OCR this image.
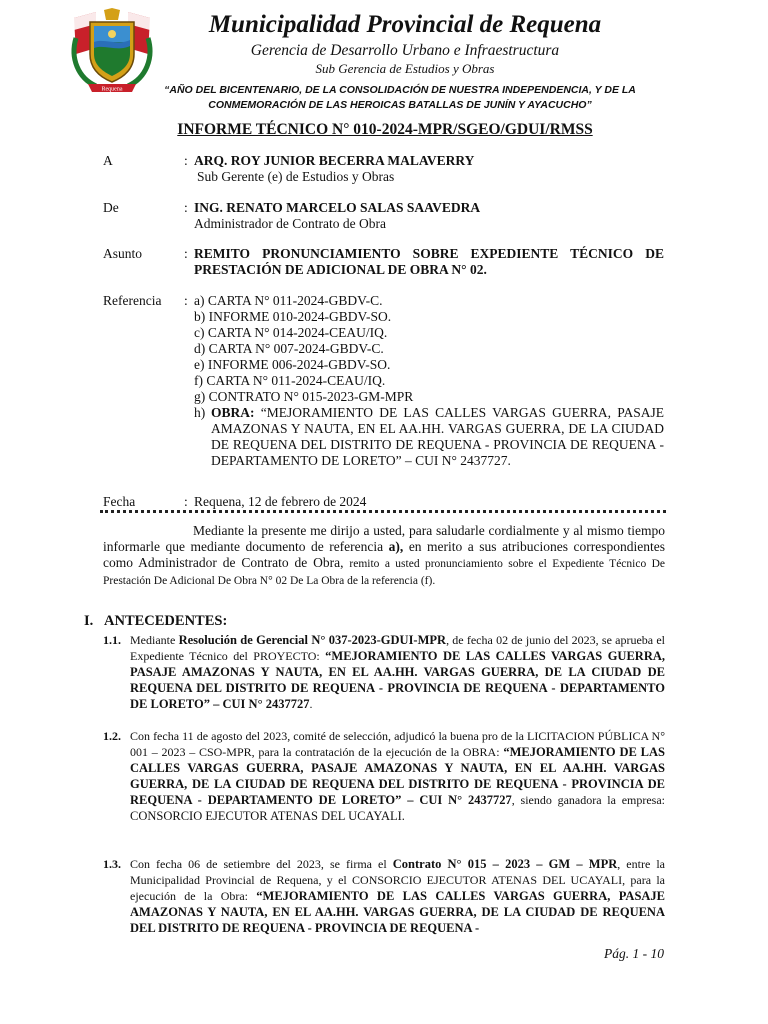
Requena
Municipalidad Provincial de Requena
Gerencia de Desarrollo Urbano e Infraestructura
Sub Gerencia de Estudios y Obras
“AÑO DEL BICENTENARIO, DE LA CONSOLIDACIÓN DE NUESTRA INDEPENDENCIA, Y DE LA
CONMEMORACIÓN DE LAS HEROICAS BATALLAS DE JUNÍN Y AYACUCHO”
INFORME TÉCNICO N° 010-2024-MPR/SGEO/GDUI/RMSS
A	: ARQ. ROY JUNIOR BECERRA MALAVERRY
Sub Gerente (e) de Estudios y Obras
De	: ING. RENATO MARCELO SALAS SAAVEDRA
Administrador de Contrato de Obra
Asunto	: REMITO PRONUNCIAMIENTO SOBRE EXPEDIENTE TÉCNICO DE PRESTACIÓN DE ADICIONAL DE OBRA N° 02.
Referencia : a) CARTA N° 011-2024-GBDV-C.
b) INFORME 010-2024-GBDV-SO.
c) CARTA N° 014-2024-CEAU/IQ.
d) CARTA N° 007-2024-GBDV-C.
e) INFORME 006-2024-GBDV-SO.
f) CARTA N° 011-2024-CEAU/IQ.
g) CONTRATO N° 015-2023-GM-MPR
h) OBRA: “MEJORAMIENTO DE LAS CALLES VARGAS GUERRA, PASAJE AMAZONAS Y NAUTA, EN EL AA.HH. VARGAS GUERRA, DE LA CIUDAD DE REQUENA DEL DISTRITO DE REQUENA - PROVINCIA DE REQUENA - DEPARTAMENTO DE LORETO” – CUI N° 2437727.
Fecha	: Requena, 12 de febrero de 2024
Mediante la presente me dirijo a usted, para saludarle cordialmente y al mismo tiempo informarle que mediante documento de referencia a), en merito a sus atribuciones correspondientes como Administrador de Contrato de Obra, remito a usted pronunciamiento sobre el Expediente Técnico De Prestación De Adicional De Obra N° 02 De La Obra de la referencia (f).
I. ANTECEDENTES:
1.1. Mediante Resolución de Gerencial N° 037-2023-GDUI-MPR, de fecha 02 de junio del 2023, se aprueba el Expediente Técnico del PROYECTO: “MEJORAMIENTO DE LAS CALLES VARGAS GUERRA, PASAJE AMAZONAS Y NAUTA, EN EL AA.HH. VARGAS GUERRA, DE LA CIUDAD DE REQUENA DEL DISTRITO DE REQUENA - PROVINCIA DE REQUENA - DEPARTAMENTO DE LORETO” – CUI N° 2437727.
1.2. Con fecha 11 de agosto del 2023, comité de selección, adjudicó la buena pro de la LICITACION PÚBLICA N° 001 – 2023 – CSO-MPR, para la contratación de la ejecución de la OBRA: “MEJORAMIENTO DE LAS CALLES VARGAS GUERRA, PASAJE AMAZONAS Y NAUTA, EN EL AA.HH. VARGAS GUERRA, DE LA CIUDAD DE REQUENA DEL DISTRITO DE REQUENA - PROVINCIA DE REQUENA - DEPARTAMENTO DE LORETO” – CUI N° 2437727, siendo ganadora la empresa: CONSORCIO EJECUTOR ATENAS DEL UCAYALI.
1.3. Con fecha 06 de setiembre del 2023, se firma el Contrato N° 015 – 2023 – GM – MPR, entre la Municipalidad Provincial de Requena, y el CONSORCIO EJECUTOR ATENAS DEL UCAYALI, para la ejecución de la Obra: “MEJORAMIENTO DE LAS CALLES VARGAS GUERRA, PASAJE AMAZONAS Y NAUTA, EN EL AA.HH. VARGAS GUERRA, DE LA CIUDAD DE REQUENA DEL DISTRITO DE REQUENA - PROVINCIA DE REQUENA -
Pág. 1 - 10
